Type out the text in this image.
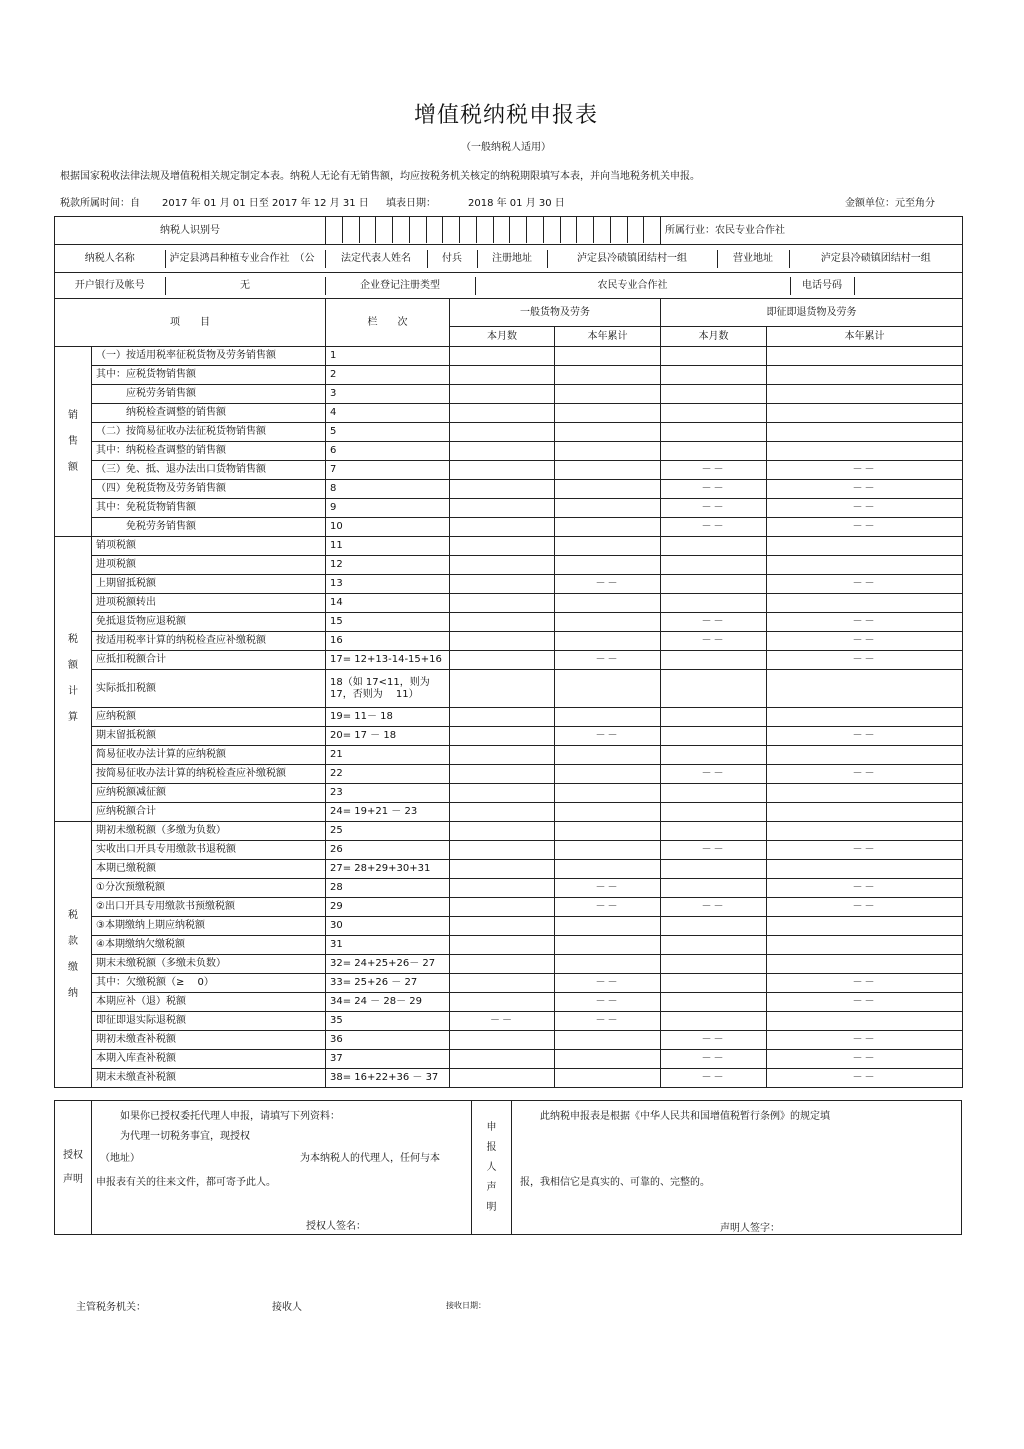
增值税纳税申报表
（一般纳税人适用）
根据国家税收法律法规及增值税相关规定制定本表。纳税人无论有无销售额，均应按税务机关核定的纳税期限填写本表，并向当地税务机关申报。
税款所属时间：自 2017 年 01 月 01 日至 2017 年 12 月 31 日 填表日期：	2018 年 01 月 30 日	金额单位：元至角分
纳税人识别号		所属行业：农民专业合作社

纳税人名称	泸定县鸿昌种植专业合作社　（公	法定代表人姓名	付兵	注册地址	泸定县冷碛镇团结村一组	营业地址	泸定县冷碛镇团结村一组

开户银行及帐号	无	企业登记注册类型	农民专业合作社	电话号码	

项　　目	栏　　次	一般货物及劳务	即征即退货物及劳务
本月数	本年累计	本月数	本年累计

销
售
额
	（一）按适用税率征税货物及劳务销售额	1				
其中：应税货物销售额	2				
　　　应税劳务销售额	3				
　　　纳税检查调整的销售额	4				
（二）按简易征收办法征税货物销售额	5				
其中：纳税检查调整的销售额	6				
（三）免、抵、退办法出口货物销售额	7			－－	－－
（四）免税货物及劳务销售额	8			－－	－－
其中：免税货物销售额	9			－－	－－
　　　免税劳务销售额	10			－－	－－

税
额
计
算
	销项税额	11				
进项税额	12				
上期留抵税额	13		－－		－－
进项税额转出	14				
免抵退货物应退税额	15			－－	－－
按适用税率计算的纳税检查应补缴税额	16			－－	－－
应抵扣税额合计	17= 12+13-14-15+16		－－		－－
实际抵扣税额	18（如 17<11，则为 17，否则为　 11）				
应纳税额	19= 11－ 18				
期末留抵税额	20= 17 － 18		－－		－－
简易征收办法计算的应纳税额	21				
按简易征收办法计算的纳税检查应补缴税额	22			－－	－－
应纳税额减征额	23				
应纳税额合计	24= 19+21 － 23				

税
款
缴
纳
	期初未缴税额（多缴为负数）	25				
实收出口开具专用缴款书退税额	26			－－	－－
本期已缴税额	27= 28+29+30+31				
①分次预缴税额	28		－－		－－
②出口开具专用缴款书预缴税额	29		－－	－－	－－
③本期缴纳上期应纳税额	30				
④本期缴纳欠缴税额	31				
期末未缴税额（多缴未负数）	32= 24+25+26－ 27				
其中：欠缴税额（≥　 0）	33= 25+26 － 27		－－		－－
本期应补（退）税额	34= 24 － 28－ 29		－－		－－
即征即退实际退税额	35	－－	－－		
期初未缴查补税额	36			－－	－－
本期入库查补税额	37			－－	－－
期末未缴查补税额	38= 16+22+36 － 37			－－	－－
授权
声明

如果你已授权委托代理人申报，请填写下列资料：
为代理一切税务事宜，现授权
（地址）	为本纳税人的代理人，任何与本
申报表有关的往来文件，都可寄予此人。
授权人签名：

申
报
人
声
明

此纳税申报表是根据《中华人民共和国增值税暂行条例》的规定填
报，我相信它是真实的、可靠的、完整的。
声明人签字：
主管税务机关：	接收人	接收日期：
